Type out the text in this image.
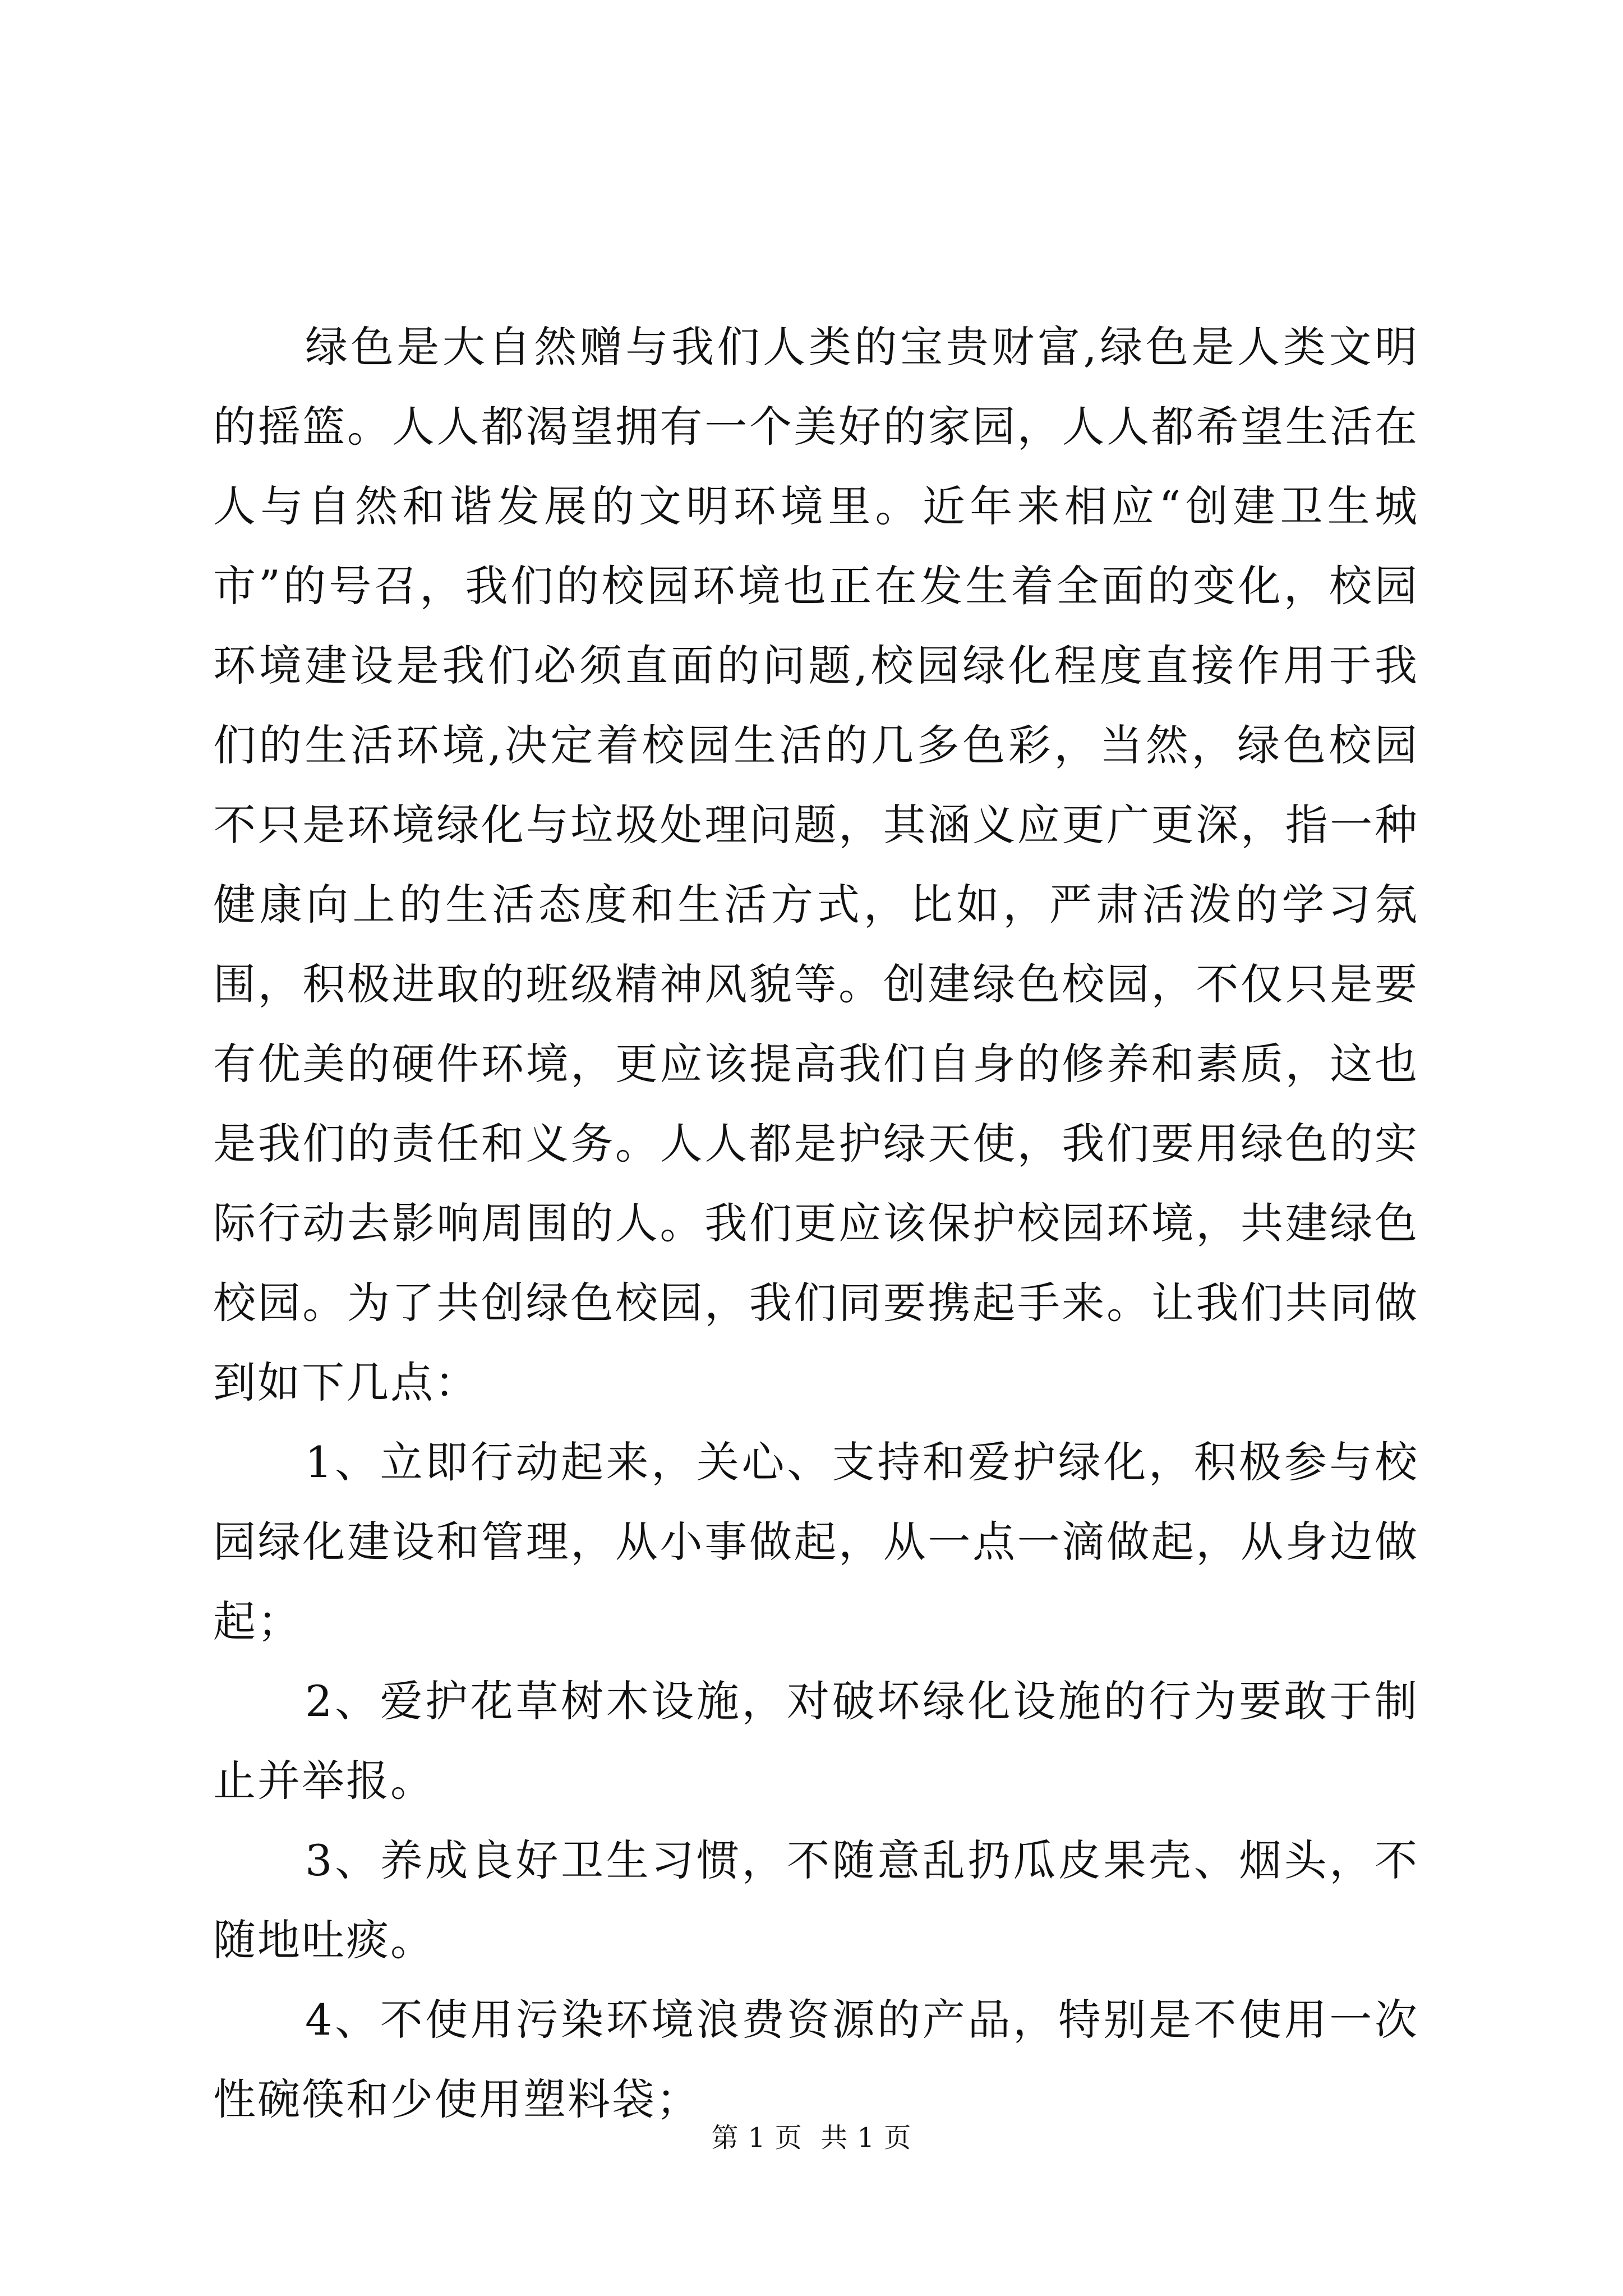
绿色是大自然赠与我们人类的宝贵财富,绿色是人类文明的摇篮。人人都渴望拥有一个美好的家园，人人都希望生活在人与自然和谐发展的文明环境里。近年来相应“创建卫生城市”的号召，我们的校园环境也正在发生着全面的变化，校园环境建设是我们必须直面的问题,校园绿化程度直接作用于我们的生活环境,决定着校园生活的几多色彩，当然，绿色校园不只是环境绿化与垃圾处理问题，其涵义应更广更深，指一种健康向上的生活态度和生活方式，比如，严肃活泼的学习氛围，积极进取的班级精神风貌等。创建绿色校园，不仅只是要有优美的硬件环境，更应该提高我们自身的修养和素质，这也是我们的责任和义务。人人都是护绿天使，我们要用绿色的实际行动去影响周围的人。我们更应该保护校园环境，共建绿色校园。为了共创绿色校园，我们同要携起手来。让我们共同做到如下几点：

1、立即行动起来，关心、支持和爱护绿化，积极参与校园绿化建设和管理，从小事做起，从一点一滴做起，从身边做起；

2、爱护花草树木设施，对破坏绿化设施的行为要敢于制止并举报。

3、养成良好卫生习惯，不随意乱扔瓜皮果壳、烟头，不随地吐痰。

4、不使用污染环境浪费资源的产品，特别是不使用一次性碗筷和少使用塑料袋；

第 1 页  共 1 页
